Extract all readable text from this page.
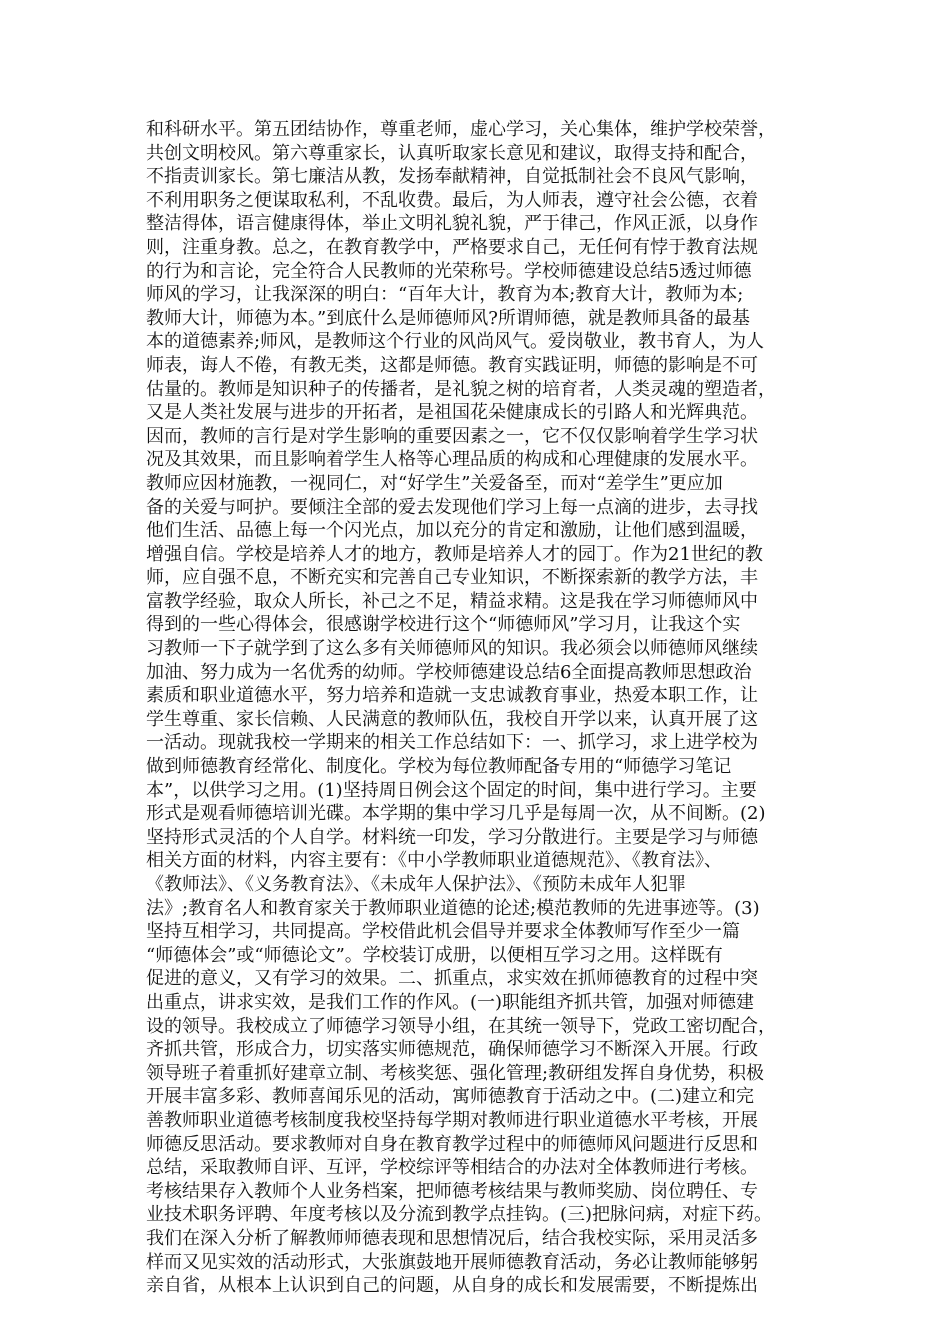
和科研水平。第五团结协作，尊重老师，虚心学习，关心集体，维护学校荣誉，
共创文明校风。第六尊重家长，认真听取家长意见和建议，取得支持和配合，
不指责训家长。第七廉洁从教，发扬奉献精神，自觉抵制社会不良风气影响，
不利用职务之便谋取私利，不乱收费。最后，为人师表，遵守社会公德，衣着
整洁得体，语言健康得体，举止文明礼貌礼貌，严于律己，作风正派，以身作
则，注重身教。总之，在教育教学中，严格要求自己，无任何有悖于教育法规
的行为和言论，完全符合人民教师的光荣称号。学校师德建设总结5透过师德
师风的学习，让我深深的明白：“百年大计，教育为本;教育大计，教师为本;
教师大计，师德为本。”到底什么是师德师风?所谓师德，就是教师具备的最基
本的道德素养;师风，是教师这个行业的风尚风气。爱岗敬业，教书育人，为人
师表，诲人不倦，有教无类，这都是师德。教育实践证明，师德的影响是不可
估量的。教师是知识种子的传播者，是礼貌之树的培育者，人类灵魂的塑造者，
又是人类社发展与进步的开拓者，是祖国花朵健康成长的引路人和光辉典范。
因而，教师的言行是对学生影响的重要因素之一，它不仅仅影响着学生学习状
况及其效果，而且影响着学生人格等心理品质的构成和心理健康的发展水平。
教师应因材施教，一视同仁，对“好学生”关爱备至，而对“差学生”更应加
备的关爱与呵护。要倾注全部的爱去发现他们学习上每一点滴的进步，去寻找
他们生活、品德上每一个闪光点，加以充分的肯定和激励，让他们感到温暖，
增强自信。学校是培养人才的地方，教师是培养人才的园丁。作为21世纪的教
师，应自强不息，不断充实和完善自己专业知识，不断探索新的教学方法，丰
富教学经验，取众人所长，补己之不足，精益求精。这是我在学习师德师风中
得到的一些心得体会，很感谢学校进行这个“师德师风”学习月，让我这个实
习教师一下子就学到了这么多有关师德师风的知识。我必须会以师德师风继续
加油、努力成为一名优秀的幼师。学校师德建设总结6全面提高教师思想政治
素质和职业道德水平，努力培养和造就一支忠诚教育事业，热爱本职工作，让
学生尊重、家长信赖、人民满意的教师队伍，我校自开学以来，认真开展了这
一活动。现就我校一学期来的相关工作总结如下：一、抓学习，求上进学校为
做到师德教育经常化、制度化。学校为每位教师配备专用的“师德学习笔记
本”，以供学习之用。(1)坚持周日例会这个固定的时间，集中进行学习。主要
形式是观看师德培训光碟。本学期的集中学习几乎是每周一次，从不间断。(2)
坚持形式灵活的个人自学。材料统一印发，学习分散进行。主要是学习与师德
相关方面的材料，内容主要有：《中小学教师职业道德规范》、《教育法》、
《教师法》、《义务教育法》、《未成年人保护法》、《预防未成年人犯罪
法》;教育名人和教育家关于教师职业道德的论述;模范教师的先进事迹等。(3)
坚持互相学习，共同提高。学校借此机会倡导并要求全体教师写作至少一篇
“师德体会”或“师德论文”。学校装订成册，以便相互学习之用。这样既有
促进的意义，又有学习的效果。二、抓重点，求实效在抓师德教育的过程中突
出重点，讲求实效，是我们工作的作风。(一)职能组齐抓共管，加强对师德建
设的领导。我校成立了师德学习领导小组，在其统一领导下，党政工密切配合，
齐抓共管，形成合力，切实落实师德规范，确保师德学习不断深入开展。行政
领导班子着重抓好建章立制、考核奖惩、强化管理;教研组发挥自身优势，积极
开展丰富多彩、教师喜闻乐见的活动，寓师德教育于活动之中。(二)建立和完
善教师职业道德考核制度我校坚持每学期对教师进行职业道德水平考核，开展
师德反思活动。要求教师对自身在教育教学过程中的师德师风问题进行反思和
总结，采取教师自评、互评，学校综评等相结合的办法对全体教师进行考核。
考核结果存入教师个人业务档案，把师德考核结果与教师奖励、岗位聘任、专
业技术职务评聘、年度考核以及分流到教学点挂钩。(三)把脉问病，对症下药。
我们在深入分析了解教师师德表现和思想情况后，结合我校实际，采用灵活多
样而又见实效的活动形式，大张旗鼓地开展师德教育活动，务必让教师能够躬
亲自省，从根本上认识到自己的问题，从自身的成长和发展需要，不断提炼出
